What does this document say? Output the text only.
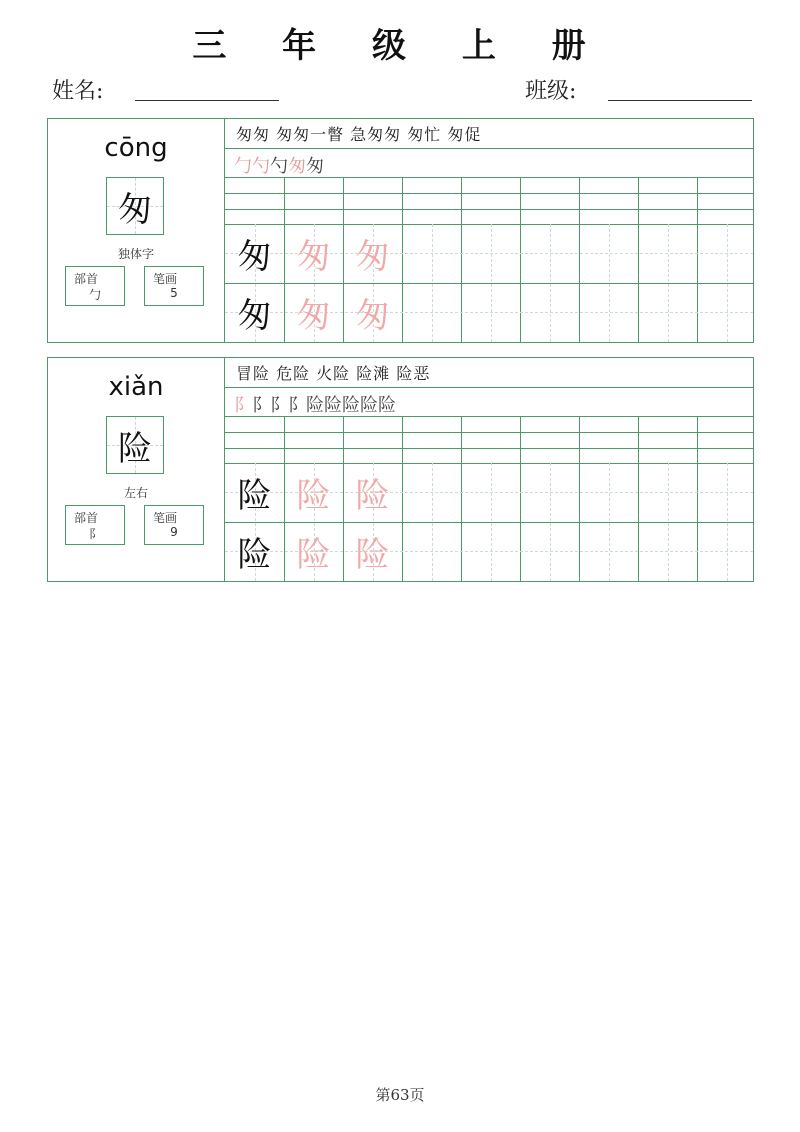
三 年 级 上 册
姓名:	班级:
cōng
匆
独体字
部首
勹
笔画
5
匆匆 匆匆一瞥 急匆匆 匆忙 匆促
勹勺勺匆匆
匆 匆 匆
匆 匆 匆
xiǎn
险
左右
部首
阝
笔画
9
冒险 危险 火险 险滩 险恶
阝阝阝阝险险险险险
险 险 险
险 险 险
第63页
